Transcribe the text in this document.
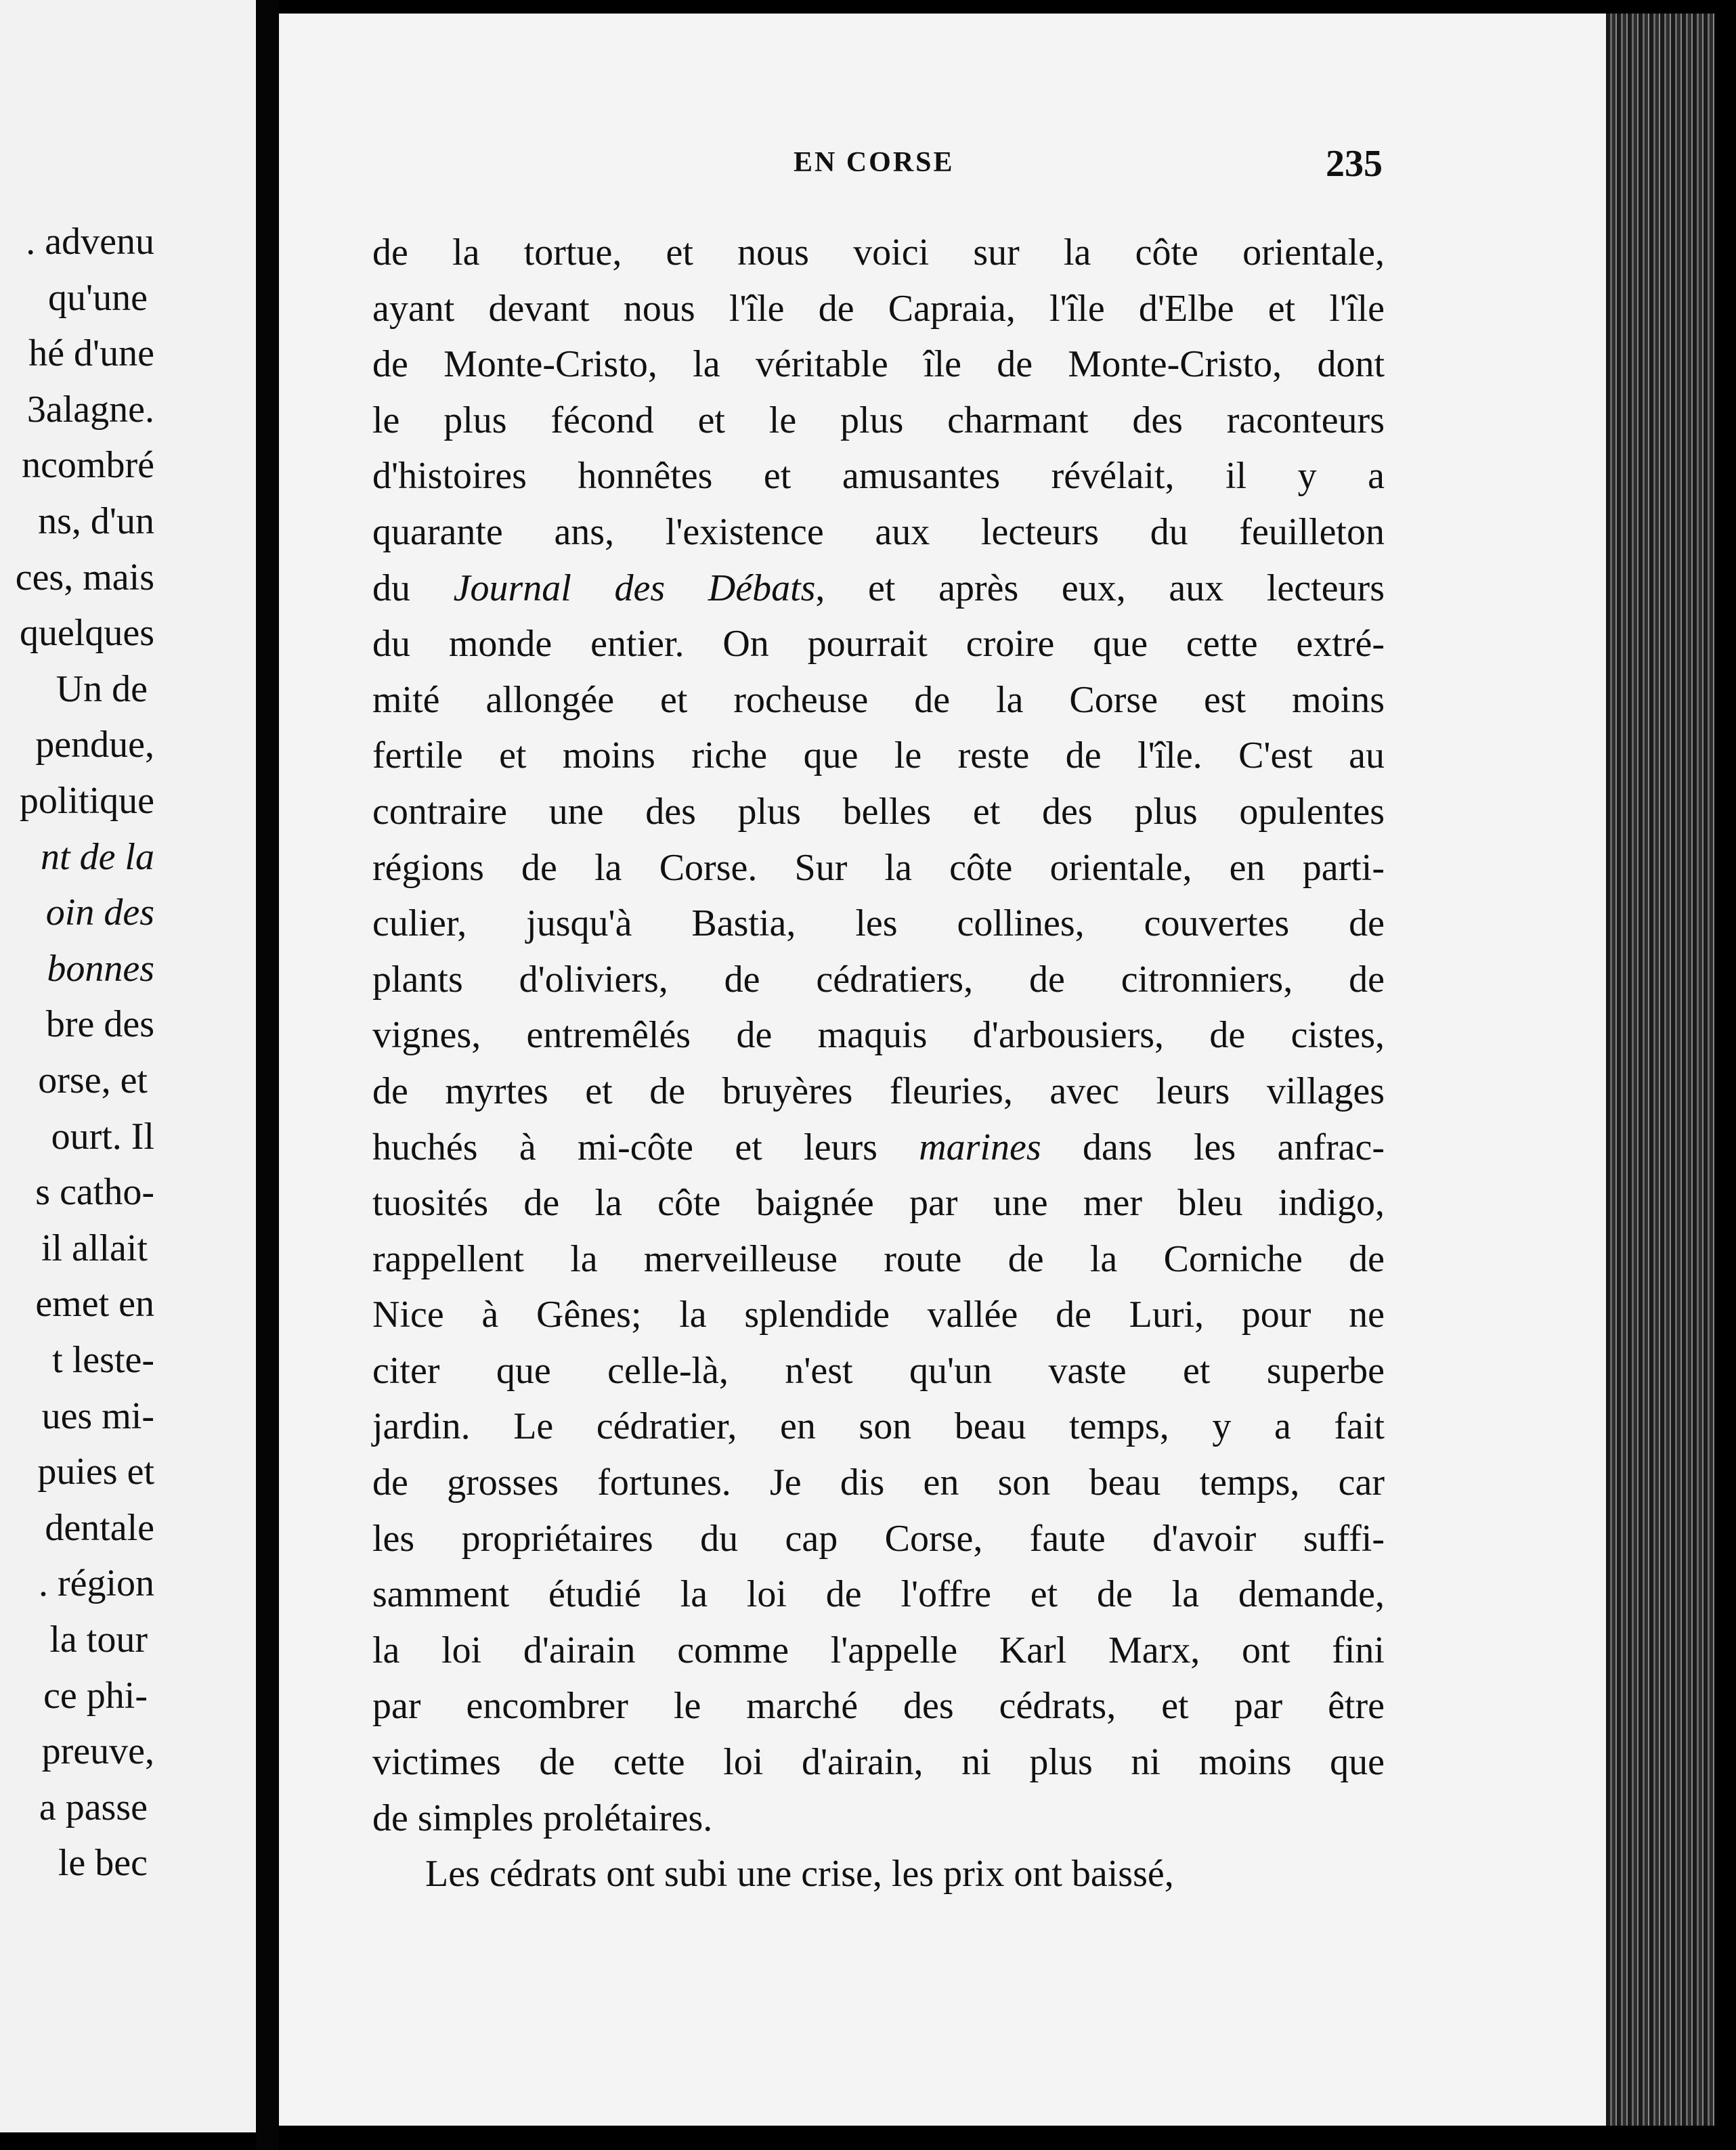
. advenu
qu'une
hé d'une
3alagne.
ncombré
ns, d'un
ces, mais
quelques
Un de
pendue,
politique
nt de la
oin des
bonnes
bre des
orse, et
ourt. Il
s catho-
il allait
emet en
t leste-
ues mi-
puies et
dentale
. région
la tour
ce phi-
preuve,
a passe
le bec
EN CORSE	235
de la tortue, et nous voici sur la côte orientale,
ayant devant nous l'île de Capraia, l'île d'Elbe et l'île
de Monte-Cristo, la véritable île de Monte-Cristo, dont
le plus fécond et le plus charmant des raconteurs
d'histoires honnêtes et amusantes révélait, il y a
quarante ans, l'existence aux lecteurs du feuilleton
du Journal des Débats, et après eux, aux lecteurs
du monde entier. On pourrait croire que cette extré-
mité allongée et rocheuse de la Corse est moins
fertile et moins riche que le reste de l'île. C'est au
contraire une des plus belles et des plus opulentes
régions de la Corse. Sur la côte orientale, en parti-
culier, jusqu'à Bastia, les collines, couvertes de
plants d'oliviers, de cédratiers, de citronniers, de
vignes, entremêlés de maquis d'arbousiers, de cistes,
de myrtes et de bruyères fleuries, avec leurs villages
huchés à mi-côte et leurs marines dans les anfrac-
tuosités de la côte baignée par une mer bleu indigo,
rappellent la merveilleuse route de la Corniche de
Nice à Gênes; la splendide vallée de Luri, pour ne
citer que celle-là, n'est qu'un vaste et superbe
jardin. Le cédratier, en son beau temps, y a fait
de grosses fortunes. Je dis en son beau temps, car
les propriétaires du cap Corse, faute d'avoir suffi-
samment étudié la loi de l'offre et de la demande,
la loi d'airain comme l'appelle Karl Marx, ont fini
par encombrer le marché des cédrats, et par être
victimes de cette loi d'airain, ni plus ni moins que
de simples prolétaires.
Les cédrats ont subi une crise, les prix ont baissé,
